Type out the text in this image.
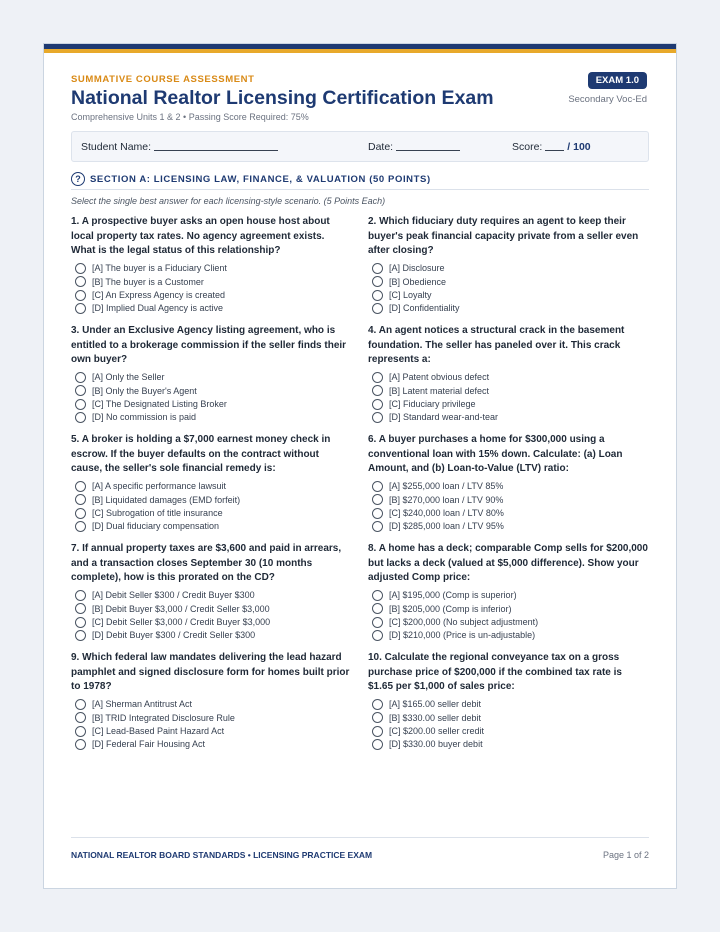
SUMMATIVE COURSE ASSESSMENT
National Realtor Licensing Certification Exam
Comprehensive Units 1 & 2 • Passing Score Required: 75%
EXAM 1.0
Secondary Voc-Ed
Student Name:	Date:	Score: / 100
? SECTION A: LICENSING LAW, FINANCE, & VALUATION (50 POINTS)
Select the single best answer for each licensing-style scenario. (5 Points Each)
1. A prospective buyer asks an open house host about local property tax rates. No agency agreement exists. What is the legal status of this relationship?
[A] The buyer is a Fiduciary Client
[B] The buyer is a Customer
[C] An Express Agency is created
[D] Implied Dual Agency is active
2. Which fiduciary duty requires an agent to keep their buyer's peak financial capacity private from a seller even after closing?
[A] Disclosure
[B] Obedience
[C] Loyalty
[D] Confidentiality
3. Under an Exclusive Agency listing agreement, who is entitled to a brokerage commission if the seller finds their own buyer?
[A] Only the Seller
[B] Only the Buyer's Agent
[C] The Designated Listing Broker
[D] No commission is paid
4. An agent notices a structural crack in the basement foundation. The seller has paneled over it. This crack represents a:
[A] Patent obvious defect
[B] Latent material defect
[C] Fiduciary privilege
[D] Standard wear-and-tear
5. A broker is holding a $7,000 earnest money check in escrow. If the buyer defaults on the contract without cause, the seller's sole financial remedy is:
[A] A specific performance lawsuit
[B] Liquidated damages (EMD forfeit)
[C] Subrogation of title insurance
[D] Dual fiduciary compensation
6. A buyer purchases a home for $300,000 using a conventional loan with 15% down. Calculate: (a) Loan Amount, and (b) Loan-to-Value (LTV) ratio:
[A] $255,000 loan / LTV 85%
[B] $270,000 loan / LTV 90%
[C] $240,000 loan / LTV 80%
[D] $285,000 loan / LTV 95%
7. If annual property taxes are $3,600 and paid in arrears, and a transaction closes September 30 (10 months complete), how is this prorated on the CD?
[A] Debit Seller $300 / Credit Buyer $300
[B] Debit Buyer $3,000 / Credit Seller $3,000
[C] Debit Seller $3,000 / Credit Buyer $3,000
[D] Debit Buyer $300 / Credit Seller $300
8. A home has a deck; comparable Comp sells for $200,000 but lacks a deck (valued at $5,000 difference). Show your adjusted Comp price:
[A] $195,000 (Comp is superior)
[B] $205,000 (Comp is inferior)
[C] $200,000 (No subject adjustment)
[D] $210,000 (Price is un-adjustable)
9. Which federal law mandates delivering the lead hazard pamphlet and signed disclosure form for homes built prior to 1978?
[A] Sherman Antitrust Act
[B] TRID Integrated Disclosure Rule
[C] Lead-Based Paint Hazard Act
[D] Federal Fair Housing Act
10. Calculate the regional conveyance tax on a gross purchase price of $200,000 if the combined tax rate is $1.65 per $1,000 of sales price:
[A] $165.00 seller debit
[B] $330.00 seller debit
[C] $200.00 seller credit
[D] $330.00 buyer debit
NATIONAL REALTOR BOARD STANDARDS • LICENSING PRACTICE EXAM	Page 1 of 2
